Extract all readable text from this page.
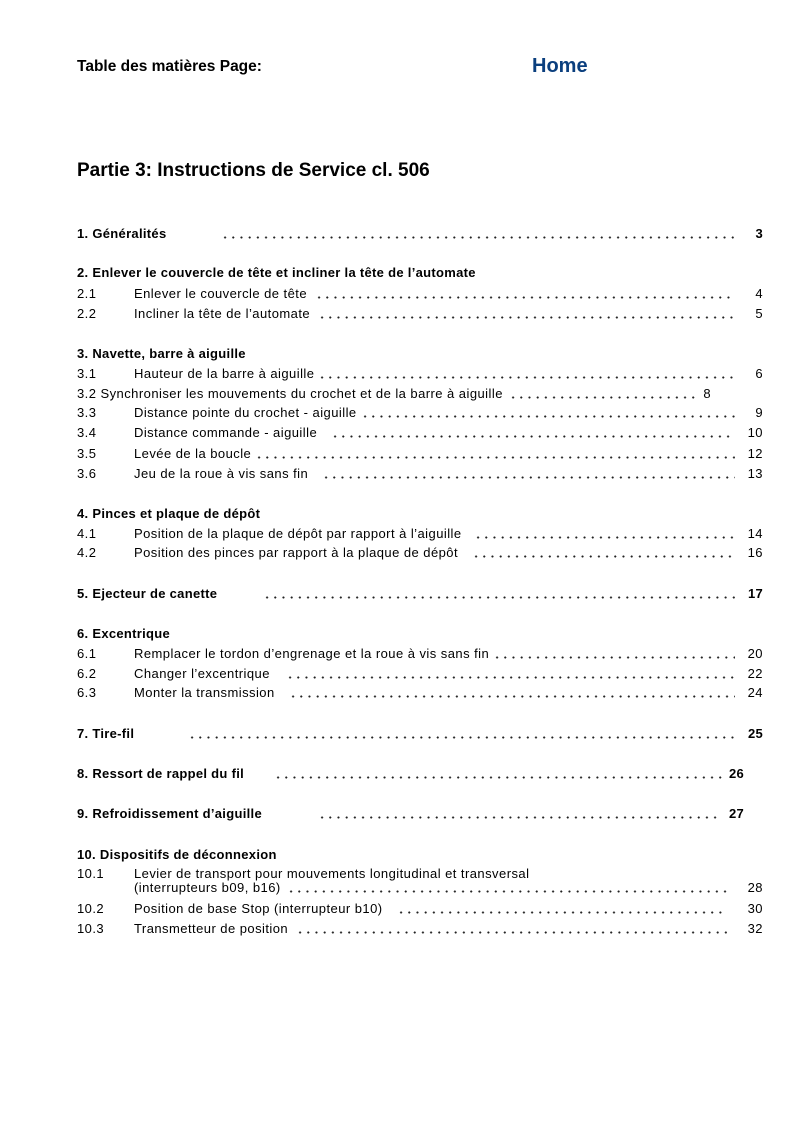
Table des matières Page:	Home
Partie 3: Instructions de Service cl. 506
1. Généralités	3
2. Enlever le couvercle de tête et incliner la tête de l’automate
2.1	Enlever le couvercle de tête	4
2.2	Incliner la tête de l’automate	5
3. Navette, barre à aiguille
3.1	Hauteur de la barre à aiguille	6
3.2 Synchroniser les mouvements du crochet et de la barre à aiguille	8
3.3	Distance pointe du crochet - aiguille	9
3.4	Distance commande - aiguille	10
3.5	Levée de la boucle	12
3.6	Jeu de la roue à vis sans fin	13
4. Pinces et plaque de dépôt
4.1	Position de la plaque de dépôt par rapport à l’aiguille	14
4.2	Position des pinces par rapport à la plaque de dépôt	16
5. Ejecteur de canette	17
6. Excentrique
6.1	Remplacer le tordon d’engrenage et la roue à vis sans fin	20
6.2	Changer l’excentrique	22
6.3	Monter la transmission	24
7. Tire-fil	25
8. Ressort de rappel du fil	26
9. Refroidissement d’aiguille	27
10. Dispositifs de déconnexion
10.1	Levier de transport pour mouvements longitudinal et transversal
(interrupteurs b09, b16)	28
10.2	Position de base Stop (interrupteur b10)	30
10.3	Transmetteur de position	32
